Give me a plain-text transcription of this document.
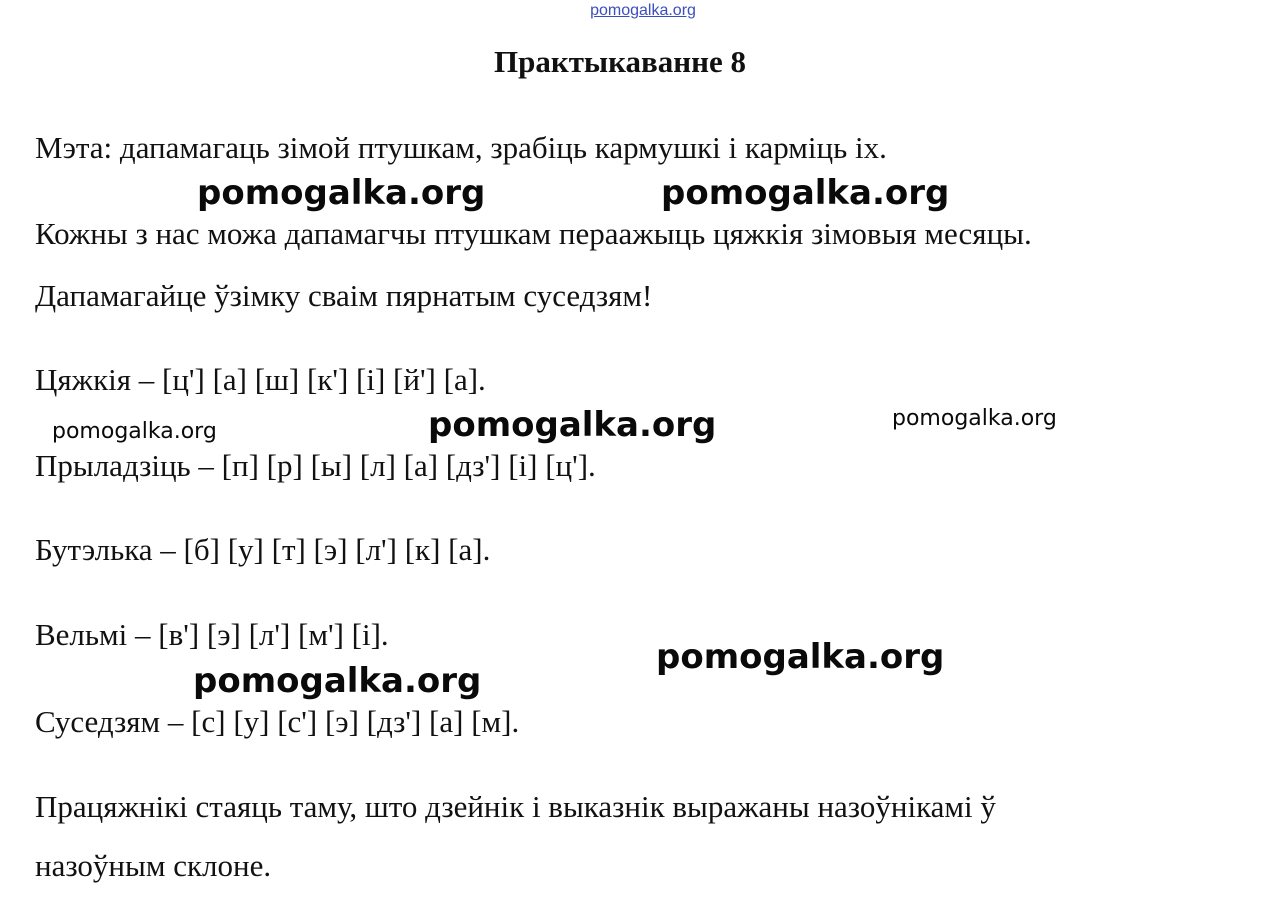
pomogalka.org
Практыкаванне 8
Мэта: дапамагаць зімой птушкам, зрабіць кармушкі і карміць іх.
Кожны з нас можа дапамагчы птушкам пераажыць цяжкія зімовыя месяцы.
Дапамагайце ўзімку сваім пярнатым суседзям!
Цяжкія – [ц'] [а] [ш] [к'] [і] [й'] [а].
Прыладзіць – [п] [р] [ы] [л] [а] [дз'] [і] [ц'].
Бутэлька – [б] [у] [т] [э] [л'] [к] [а].
Вельмі – [в'] [э] [л'] [м'] [і].
Суседзям – [с] [у] [с'] [э] [дз'] [а] [м].
Працяжнікі стаяць таму, што дзейнік і выказнік выражаны назоўнікамі ў
назоўным склоне.
pomogalka.org	pomogalka.org
pomogalka.org	pomogalka.org	pomogalka.org
pomogalka.org
pomogalka.org
